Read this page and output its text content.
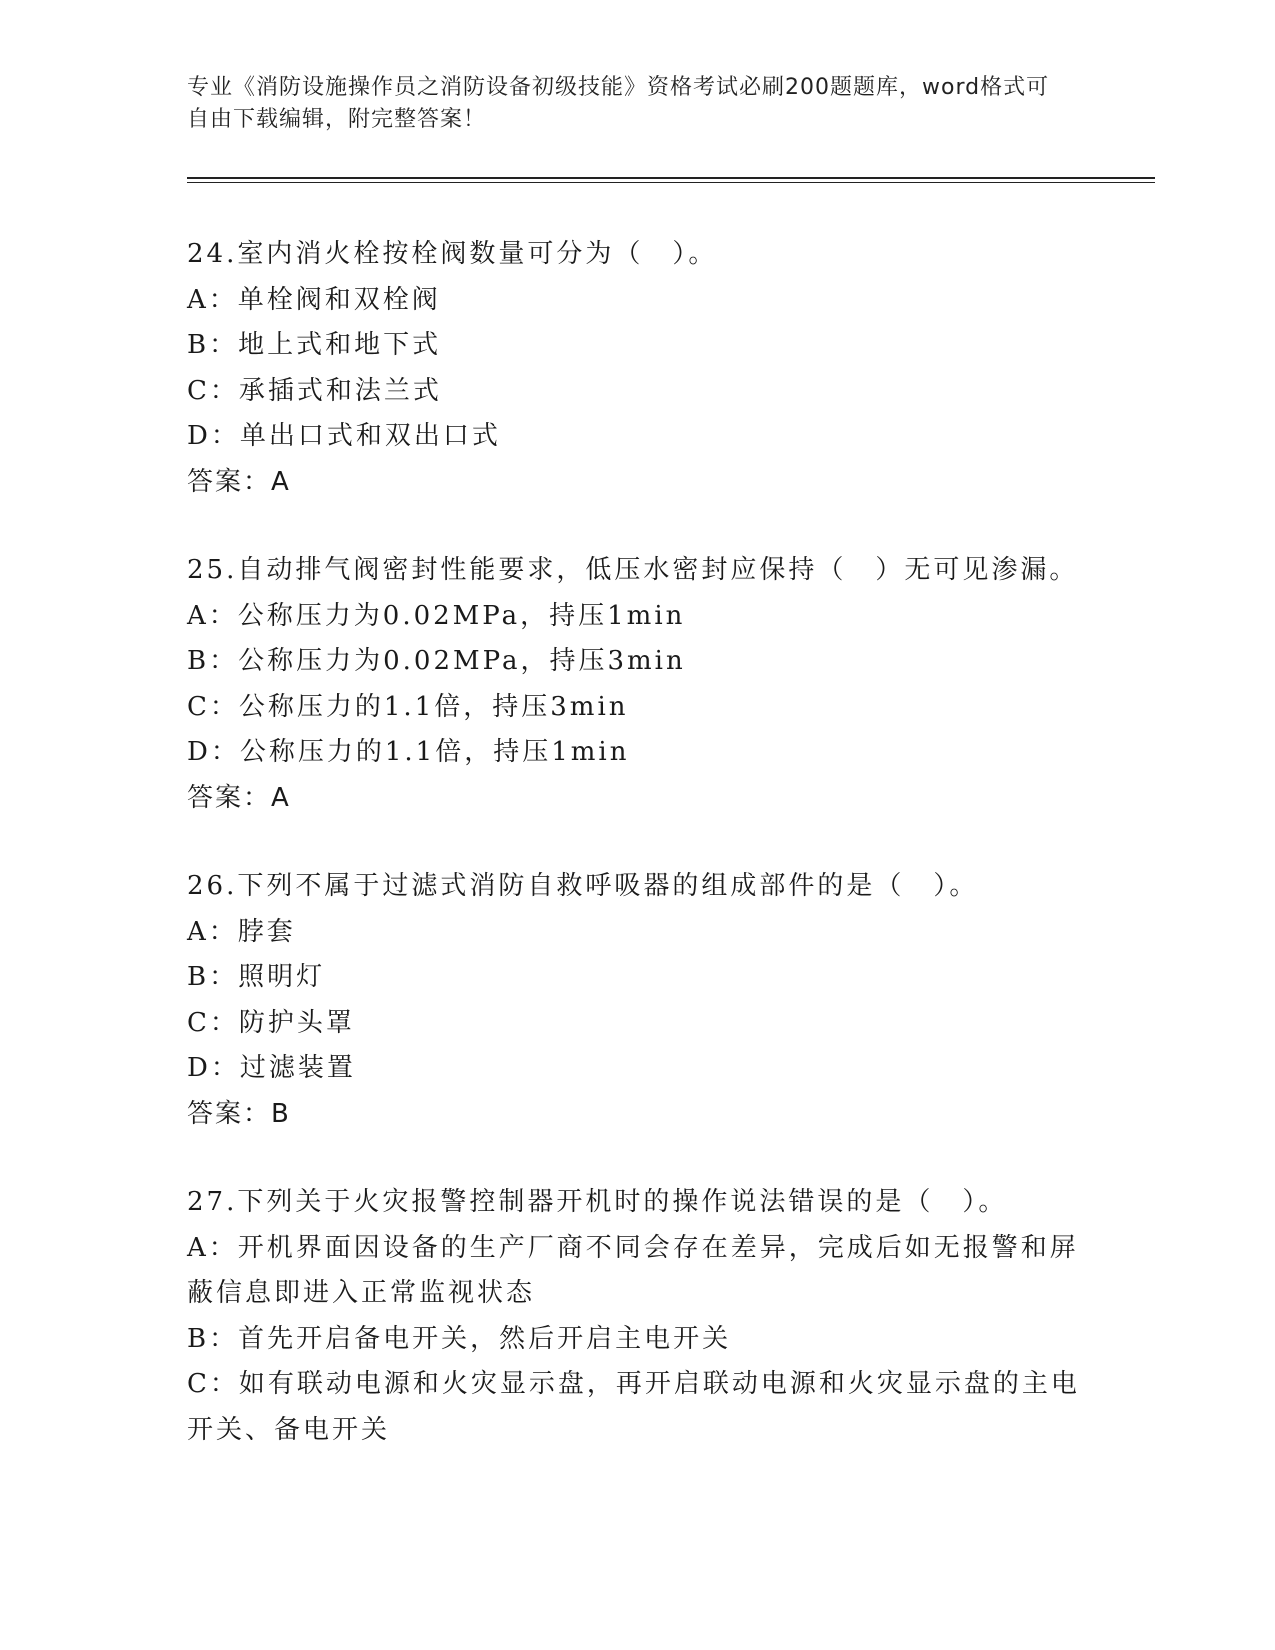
专业《消防设施操作员之消防设备初级技能》资格考试必刷200题题库，word格式可自由下载编辑，附完整答案！
24.室内消火栓按栓阀数量可分为（　）。
A：单栓阀和双栓阀
B：地上式和地下式
C：承插式和法兰式
D：单出口式和双出口式
答案：A
25.自动排气阀密封性能要求，低压水密封应保持（　）无可见渗漏。
A：公称压力为0.02MPa，持压1min
B：公称压力为0.02MPa，持压3min
C：公称压力的1.1倍，持压3min
D：公称压力的1.1倍，持压1min
答案：A
26.下列不属于过滤式消防自救呼吸器的组成部件的是（　）。
A：脖套
B：照明灯
C：防护头罩
D：过滤装置
答案：B
27.下列关于火灾报警控制器开机时的操作说法错误的是（　）。
A：开机界面因设备的生产厂商不同会存在差异，完成后如无报警和屏蔽信息即进入正常监视状态
B：首先开启备电开关，然后开启主电开关
C：如有联动电源和火灾显示盘，再开启联动电源和火灾显示盘的主电开关、备电开关
